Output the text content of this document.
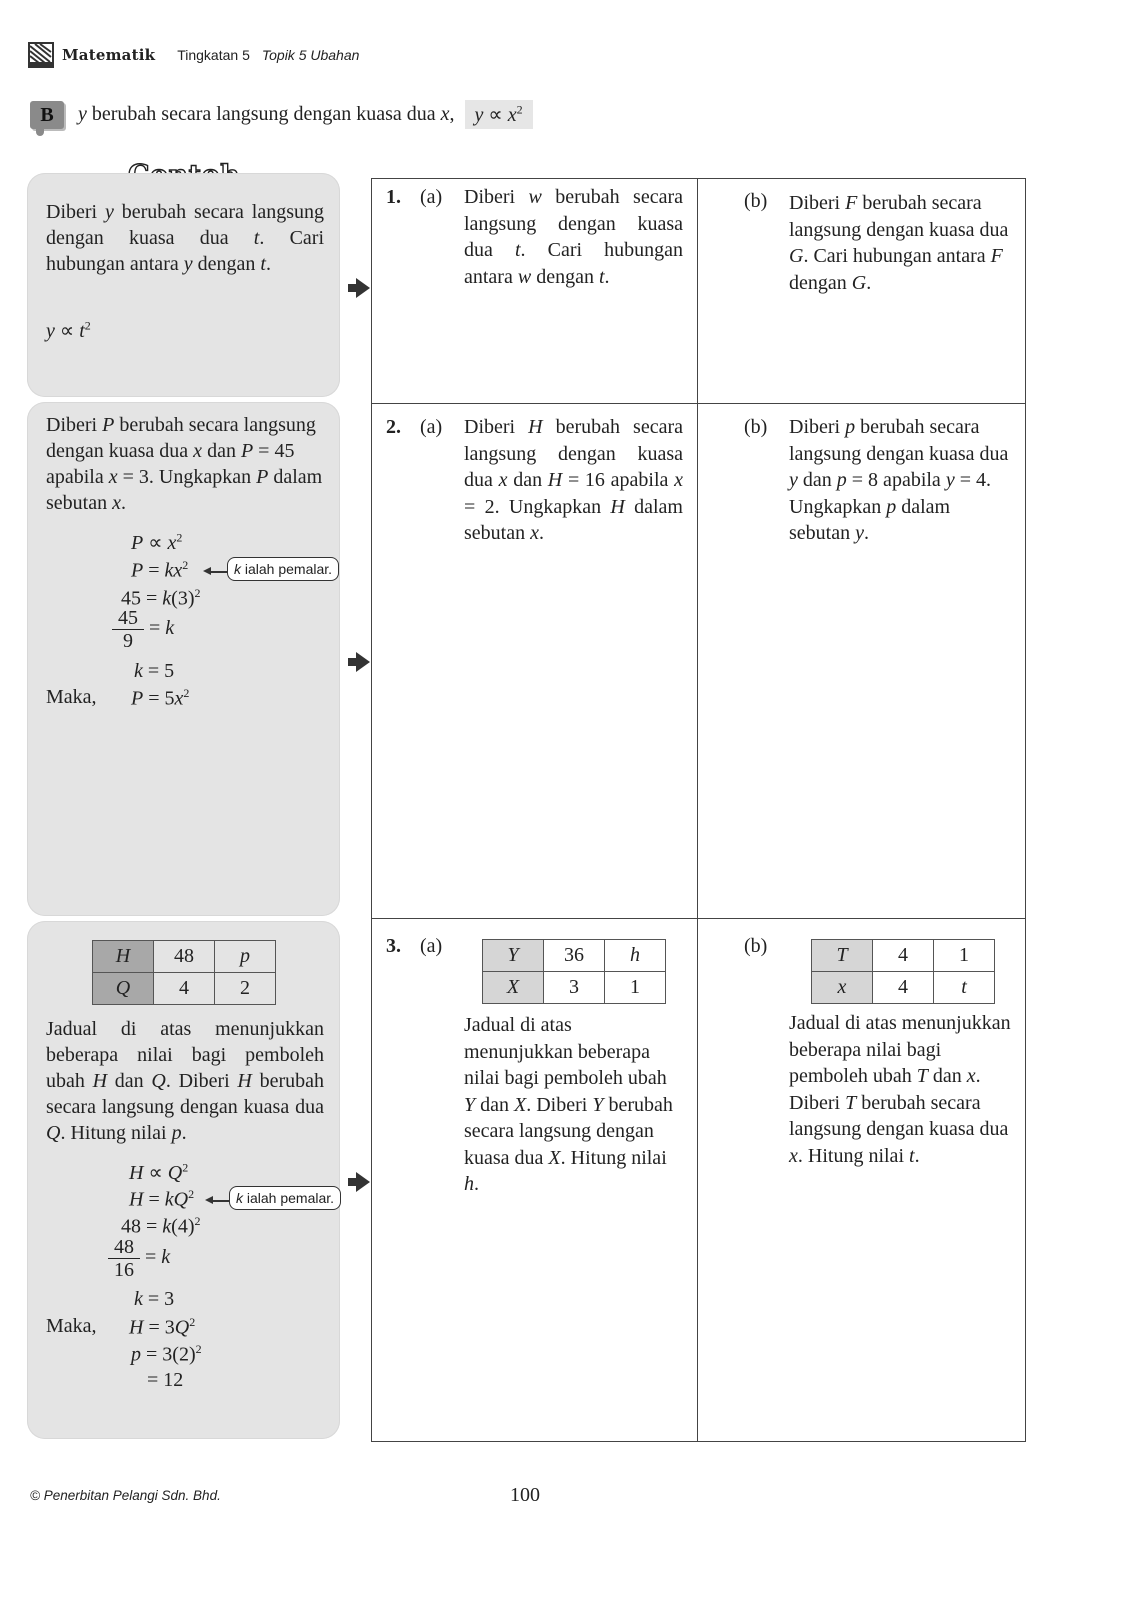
Matematik Tingkatan 5 Topik 5 Ubahan
B	y berubah secara langsung dengan kuasa dua x,	$y \propto x^2$
Diberi y berubah secara langsung dengan kuasa dua t. Cari hubungan antara y dengan t.
$y \propto t^2$
Diberi P berubah secara langsung dengan kuasa dua x dan P = 45 apabila x = 3. Ungkapkan P dalam sebutan x.
$P \propto x^2$
$P = kx^2$	k ialah pemalar.
$45 = k(3)^2$
$\frac{45}{9} = k$
k = 5
Maka, $P = 5x^2$
H	48	p
Q	4	2
Jadual di atas menunjukkan beberapa nilai bagi pemboleh ubah H dan Q. Diberi H berubah secara langsung dengan kuasa dua Q. Hitung nilai p.
$H \propto Q^2$
$H = kQ^2$	k ialah pemalar.
$48 = k(4)^2$
$\frac{48}{16} = k$
k = 3
Maka, $H = 3Q^2$
$p = 3(2)^2$
= 12
1. (a) Diberi w berubah secara langsung dengan kuasa dua t. Cari hubungan antara w dengan t.
(b) Diberi F berubah secara langsung dengan kuasa dua G. Cari hubungan antara F dengan G.
2. (a) Diberi H berubah secara langsung dengan kuasa dua x dan H = 16 apabila x = 2. Ungkapkan H dalam sebutan x.
(b) Diberi p berubah secara langsung dengan kuasa dua y dan p = 8 apabila y = 4. Ungkapkan p dalam sebutan y.
3. (a)	Y	36	h
X	3	1
Jadual di atas menunjukkan beberapa nilai bagi pemboleh ubah Y dan X. Diberi Y berubah secara langsung dengan kuasa dua X. Hitung nilai h.
(b)	T	4	1
x	4	t
Jadual di atas menunjukkan beberapa nilai bagi pemboleh ubah T dan x. Diberi T berubah secara langsung dengan kuasa dua x. Hitung nilai t.
© Penerbitan Pelangi Sdn. Bhd.	100
